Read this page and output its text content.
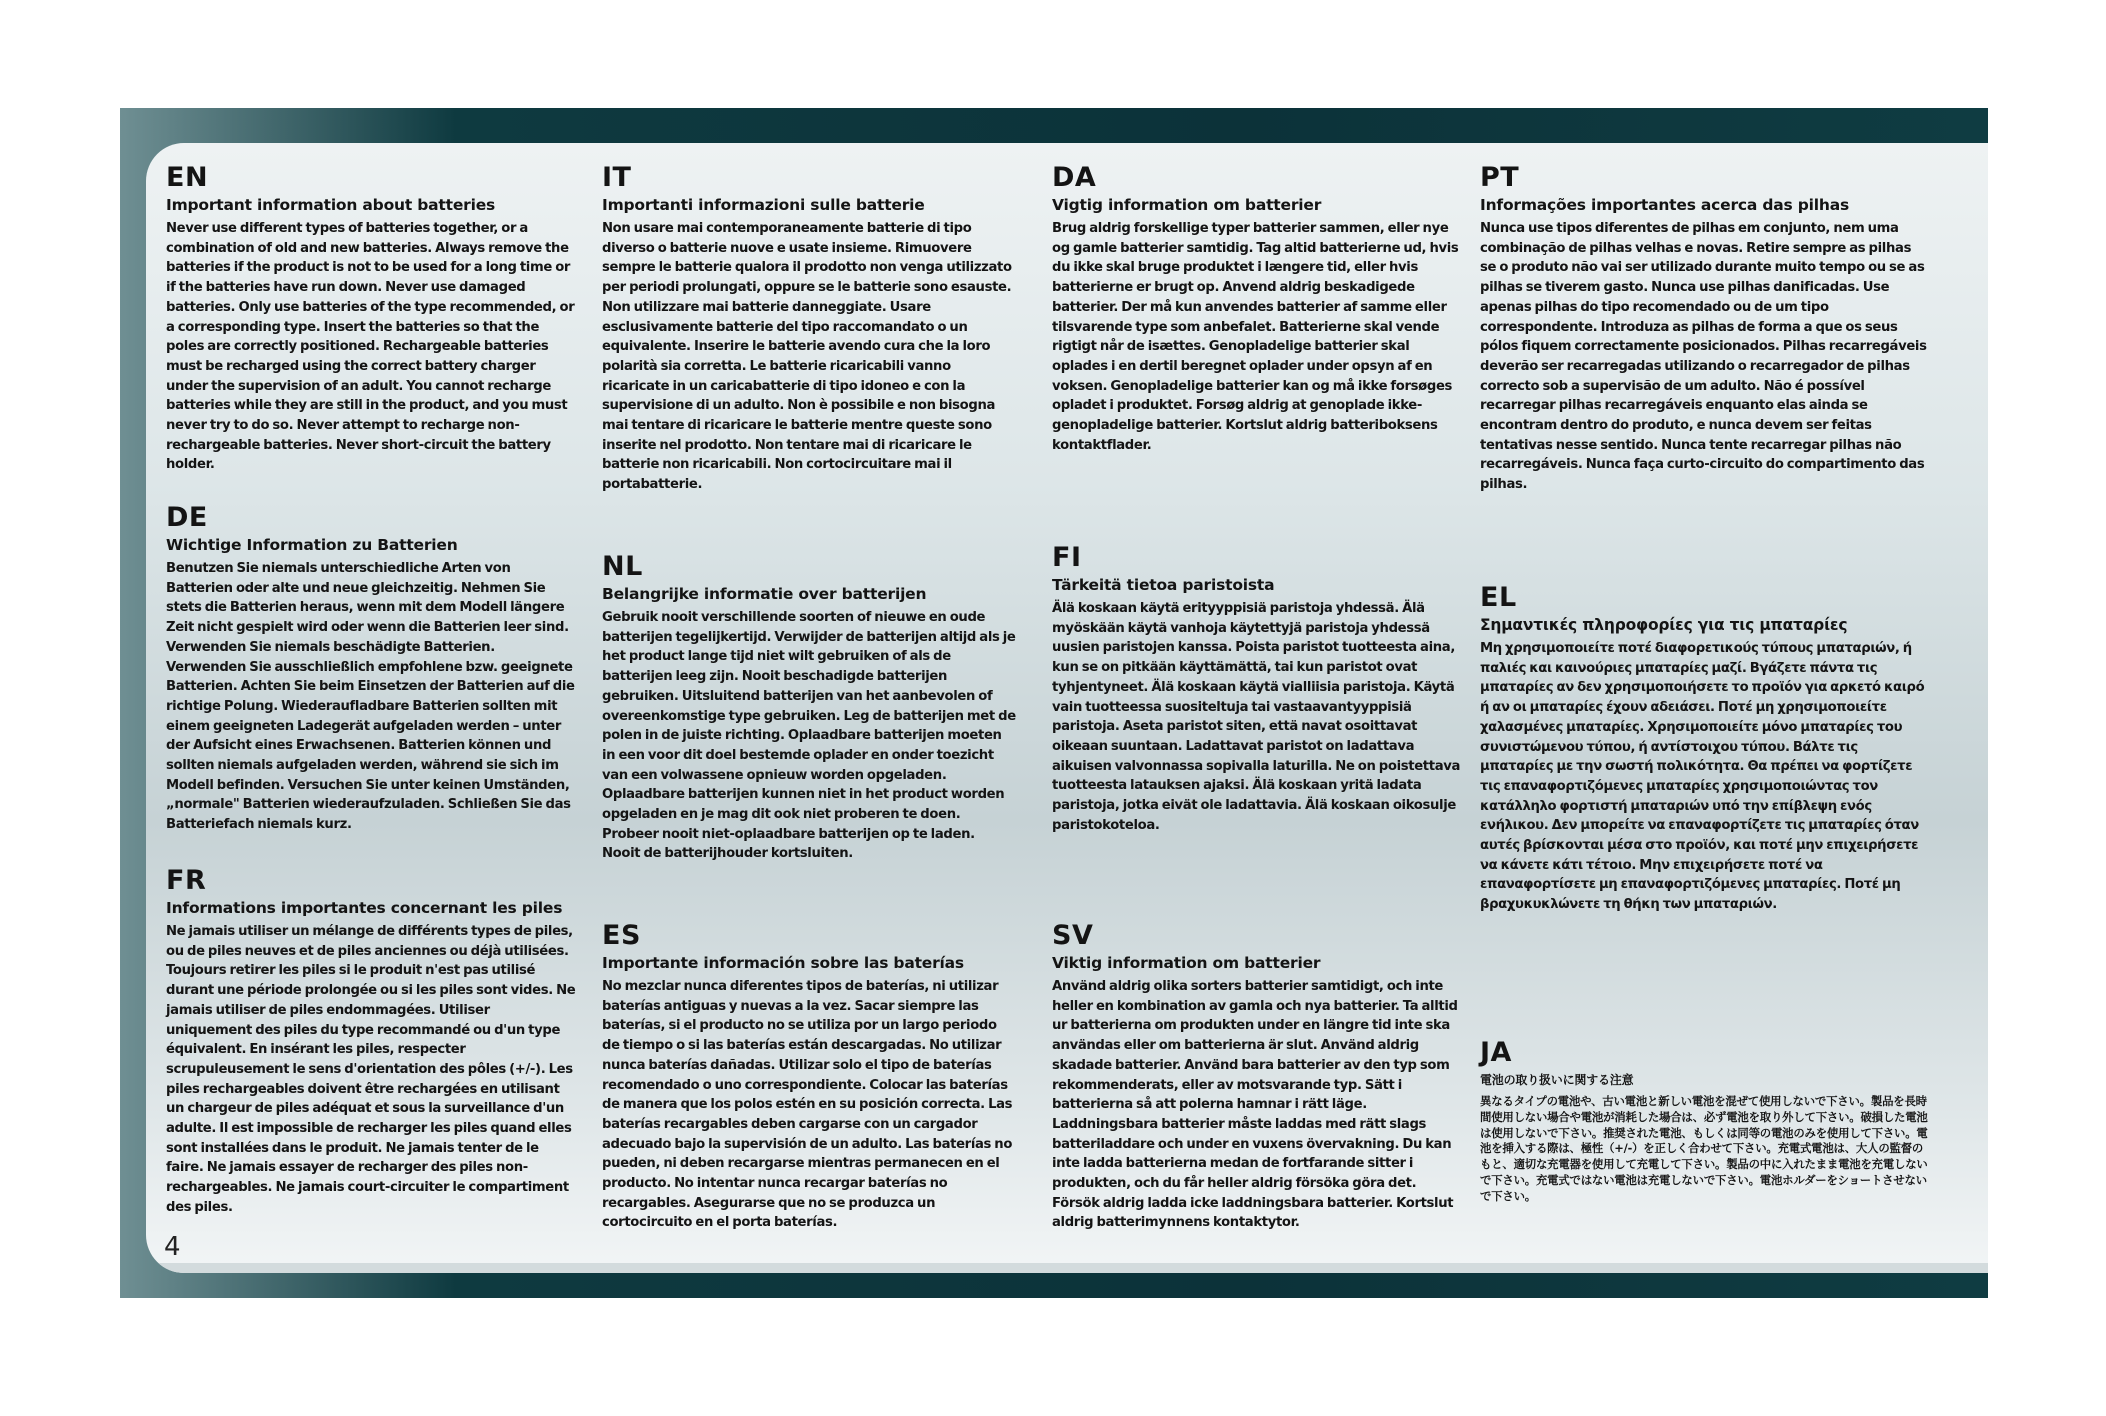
EN
Important information about batteries

Never use different types of batteries together, or a combination of old and new batteries. Always remove the batteries if the product is not to be used for a long time or if the batteries have run down. Never use damaged batteries. Only use batteries of the type recommended, or a corresponding type. Insert the batteries so that the poles are correctly positioned. Rechargeable batteries must be recharged using the correct battery charger under the supervision of an adult. You cannot recharge batteries while they are still in the product, and you must never try to do so. Never attempt to recharge non-rechargeable batteries. Never short-circuit the battery holder.

DE
Wichtige Information zu Batterien

Benutzen Sie niemals unterschiedliche Arten von Batterien oder alte und neue gleichzeitig. Nehmen Sie stets die Batterien heraus, wenn mit dem Modell längere Zeit nicht gespielt wird oder wenn die Batterien leer sind. Verwenden Sie niemals beschädigte Batterien. Verwenden Sie ausschließlich empfohlene bzw. geeignete Batterien. Achten Sie beim Einsetzen der Batterien auf die richtige Polung. Wiederaufladbare Batterien sollten mit einem geeigneten Ladegerät aufgeladen werden – unter der Aufsicht eines Erwachsenen. Batterien können und sollten niemals aufgeladen werden, während sie sich im Modell befinden. Versuchen Sie unter keinen Umständen, „normale" Batterien wiederaufzuladen. Schließen Sie das Batteriefach niemals kurz.

FR
Informations importantes concernant les piles

Ne jamais utiliser un mélange de différents types de piles, ou de piles neuves et de piles anciennes ou déjà utilisées. Toujours retirer les piles si le produit n'est pas utilisé durant une période prolongée ou si les piles sont vides. Ne jamais utiliser de piles endommagées. Utiliser uniquement des piles du type recommandé ou d'un type équivalent. En insérant les piles, respecter scrupuleusement le sens d'orientation des pôles (+/-). Les piles rechargeables doivent être rechargées en utilisant un chargeur de piles adéquat et sous la surveillance d'un adulte. Il est impossible de recharger les piles quand elles sont installées dans le produit. Ne jamais tenter de le faire. Ne jamais essayer de recharger des piles non-rechargeables. Ne jamais court-circuiter le compartiment des piles.

IT
Importanti informazioni sulle batterie

Non usare mai contemporaneamente batterie di tipo diverso o batterie nuove e usate insieme. Rimuovere sempre le batterie qualora il prodotto non venga utilizzato per periodi prolungati, oppure se le batterie sono esauste. Non utilizzare mai batterie danneggiate. Usare esclusivamente batterie del tipo raccomandato o un equivalente. Inserire le batterie avendo cura che la loro polarità sia corretta. Le batterie ricaricabili vanno ricaricate in un caricabatterie di tipo idoneo e con la supervisione di un adulto. Non è possibile e non bisogna mai tentare di ricaricare le batterie mentre queste sono inserite nel prodotto. Non tentare mai di ricaricare le batterie non ricaricabili. Non cortocircuitare mai il portabatterie.

NL
Belangrijke informatie over batterijen

Gebruik nooit verschillende soorten of nieuwe en oude batterijen tegelijkertijd. Verwijder de batterijen altijd als je het product lange tijd niet wilt gebruiken of als de batterijen leeg zijn. Nooit beschadigde batterijen gebruiken. Uitsluitend batterijen van het aanbevolen of overeenkomstige type gebruiken. Leg de batterijen met de polen in de juiste richting. Oplaadbare batterijen moeten in een voor dit doel bestemde oplader en onder toezicht van een volwassene opnieuw worden opgeladen. Oplaadbare batterijen kunnen niet in het product worden opgeladen en je mag dit ook niet proberen te doen. Probeer nooit niet-oplaadbare batterijen op te laden. Nooit de batterijhouder kortsluiten.

ES
Importante información sobre las baterías

No mezclar nunca diferentes tipos de baterías, ni utilizar baterías antiguas y nuevas a la vez. Sacar siempre las baterías, si el producto no se utiliza por un largo periodo de tiempo o si las baterías están descargadas. No utilizar nunca baterías dañadas. Utilizar solo el tipo de baterías recomendado o uno correspondiente. Colocar las baterías de manera que los polos estén en su posición correcta. Las baterías recargables deben cargarse con un cargador adecuado bajo la supervisión de un adulto. Las baterías no pueden, ni deben recargarse mientras permanecen en el producto. No intentar nunca recargar baterías no recargables. Asegurarse que no se produzca un cortocircuito en el porta baterías.

DA
Vigtig information om batterier

Brug aldrig forskellige typer batterier sammen, eller nye og gamle batterier samtidig. Tag altid batterierne ud, hvis du ikke skal bruge produktet i længere tid, eller hvis batterierne er brugt op. Anvend aldrig beskadigede batterier. Der må kun anvendes batterier af samme eller tilsvarende type som anbefalet. Batterierne skal vende rigtigt når de isættes. Genopladelige batterier skal oplades i en dertil beregnet oplader under opsyn af en voksen. Genopladelige batterier kan og må ikke forsøges opladet i produktet. Forsøg aldrig at genoplade ikke-genopladelige batterier. Kortslut aldrig batteriboksens kontaktflader.

FI
Tärkeitä tietoa paristoista

Älä koskaan käytä erityyppisiä paristoja yhdessä. Älä myöskään käytä vanhoja käytettyjä paristoja yhdessä uusien paristojen kanssa. Poista paristot tuotteesta aina, kun se on pitkään käyttämättä, tai kun paristot ovat tyhjentyneet. Älä koskaan käytä vialliisia paristoja. Käytä vain tuotteessa suositeltuja tai vastaavantyyppisiä paristoja. Aseta paristot siten, että navat osoittavat oikeaan suuntaan. Ladattavat paristot on ladattava aikuisen valvonnassa sopivalla laturilla. Ne on poistettava tuotteesta latauksen ajaksi. Älä koskaan yritä ladata paristoja, jotka eivät ole ladattavia. Älä koskaan oikosulje paristokoteloa.

SV
Viktig information om batterier

Använd aldrig olika sorters batterier samtidigt, och inte heller en kombination av gamla och nya batterier. Ta alltid ur batterierna om produkten under en längre tid inte ska användas eller om batterierna är slut. Använd aldrig skadade batterier. Använd bara batterier av den typ som rekommenderats, eller av motsvarande typ. Sätt i batterierna så att polerna hamnar i rätt läge. Laddningsbara batterier måste laddas med rätt slags batteriladdare och under en vuxens övervakning. Du kan inte ladda batterierna medan de fortfarande sitter i produkten, och du får heller aldrig försöka göra det. Försök aldrig ladda icke laddningsbara batterier. Kortslut aldrig batterimynnens kontaktytor.

PT
Informações importantes acerca das pilhas

Nunca use tipos diferentes de pilhas em conjunto, nem uma combinação de pilhas velhas e novas. Retire sempre as pilhas se o produto não vai ser utilizado durante muito tempo ou se as pilhas se tiverem gasto. Nunca use pilhas danificadas. Use apenas pilhas do tipo recomendado ou de um tipo correspondente. Introduza as pilhas de forma a que os seus pólos fiquem correctamente posicionados. Pilhas recarregáveis deverão ser recarregadas utilizando o recarregador de pilhas correcto sob a supervisão de um adulto. Não é possível recarregar pilhas recarregáveis enquanto elas ainda se encontram dentro do produto, e nunca devem ser feitas tentativas nesse sentido. Nunca tente recarregar pilhas não recarregáveis. Nunca faça curto-circuito do compartimento das pilhas.

EL
Σημαντικές πληροφορίες για τις μπαταρίες

Μη χρησιμοποιείτε ποτέ διαφορετικούς τύπους μπαταριών, ή παλιές και καινούριες μπαταρίες μαζί. Βγάζετε πάντα τις μπαταρίες αν δεν χρησιμοποιήσετε το προϊόν για αρκετό καιρό ή αν οι μπαταρίες έχουν αδειάσει. Ποτέ μη χρησιμοποιείτε χαλασμένες μπαταρίες. Χρησιμοποιείτε μόνο μπαταρίες του συνιστώμενου τύπου, ή αντίστοιχου τύπου. Βάλτε τις μπαταρίες με την σωστή πολικότητα. Θα πρέπει να φορτίζετε τις επαναφορτιζόμενες μπαταρίες χρησιμοποιώντας τον κατάλληλο φορτιστή μπαταριών υπό την επίβλεψη ενός ενήλικου. Δεν μπορείτε να επαναφορτίζετε τις μπαταρίες όταν αυτές βρίσκονται μέσα στο προϊόν, και ποτέ μην επιχειρήσετε να κάνετε κάτι τέτοιο. Μην επιχειρήσετε ποτέ να επαναφορτίσετε μη επαναφορτιζόμενες μπαταρίες. Ποτέ μη βραχυκυκλώνετε τη θήκη των μπαταριών.

JA
電池の取り扱いに関する注意

異なるタイプの電池や、古い電池と新しい電池を混ぜて使用しないで下さい。製品を長時間使用しない場合や電池が消耗した場合は、必ず電池を取り外して下さい。破損した電池は使用しないで下さい。推奨された電池、もしくは同等の電池のみを使用して下さい。電池を挿入する際は、極性（+/-）を正しく合わせて下さい。充電式電池は、大人の監督のもと、適切な充電器を使用して充電して下さい。製品の中に入れたまま電池を充電しないで下さい。充電式ではない電池は充電しないで下さい。電池ホルダーをショートさせないで下さい。

4
